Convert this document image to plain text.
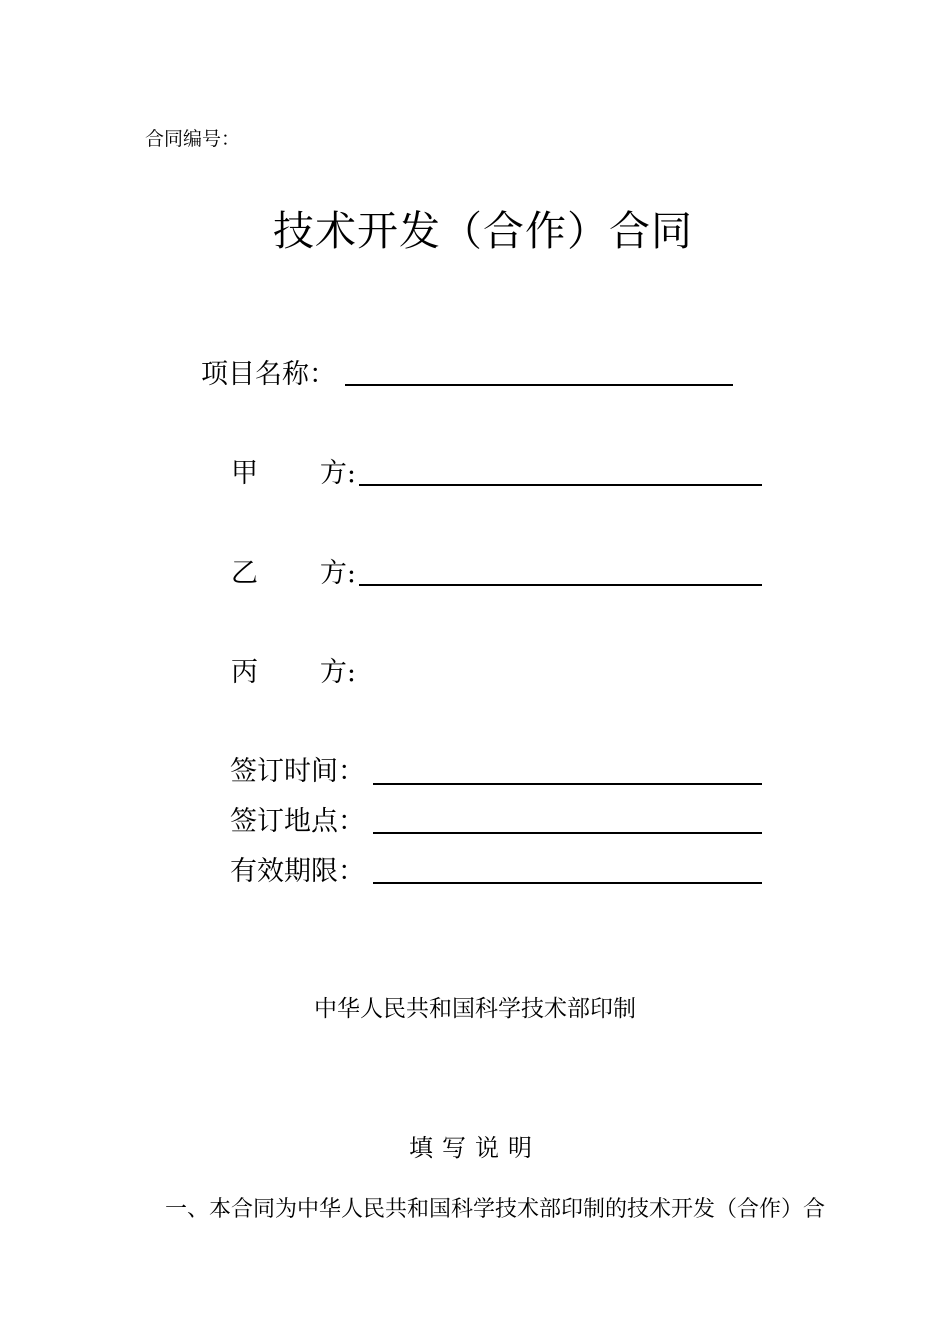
合同编号：
技术开发（合作）合同
项目名称：
甲 方:
乙 方:
丙 方:
签订时间：
签订地点：
有效期限：
中华人民共和国科学技术部印制
填写说明
一、本合同为中华人民共和国科学技术部印制的技术开发（合作）合
